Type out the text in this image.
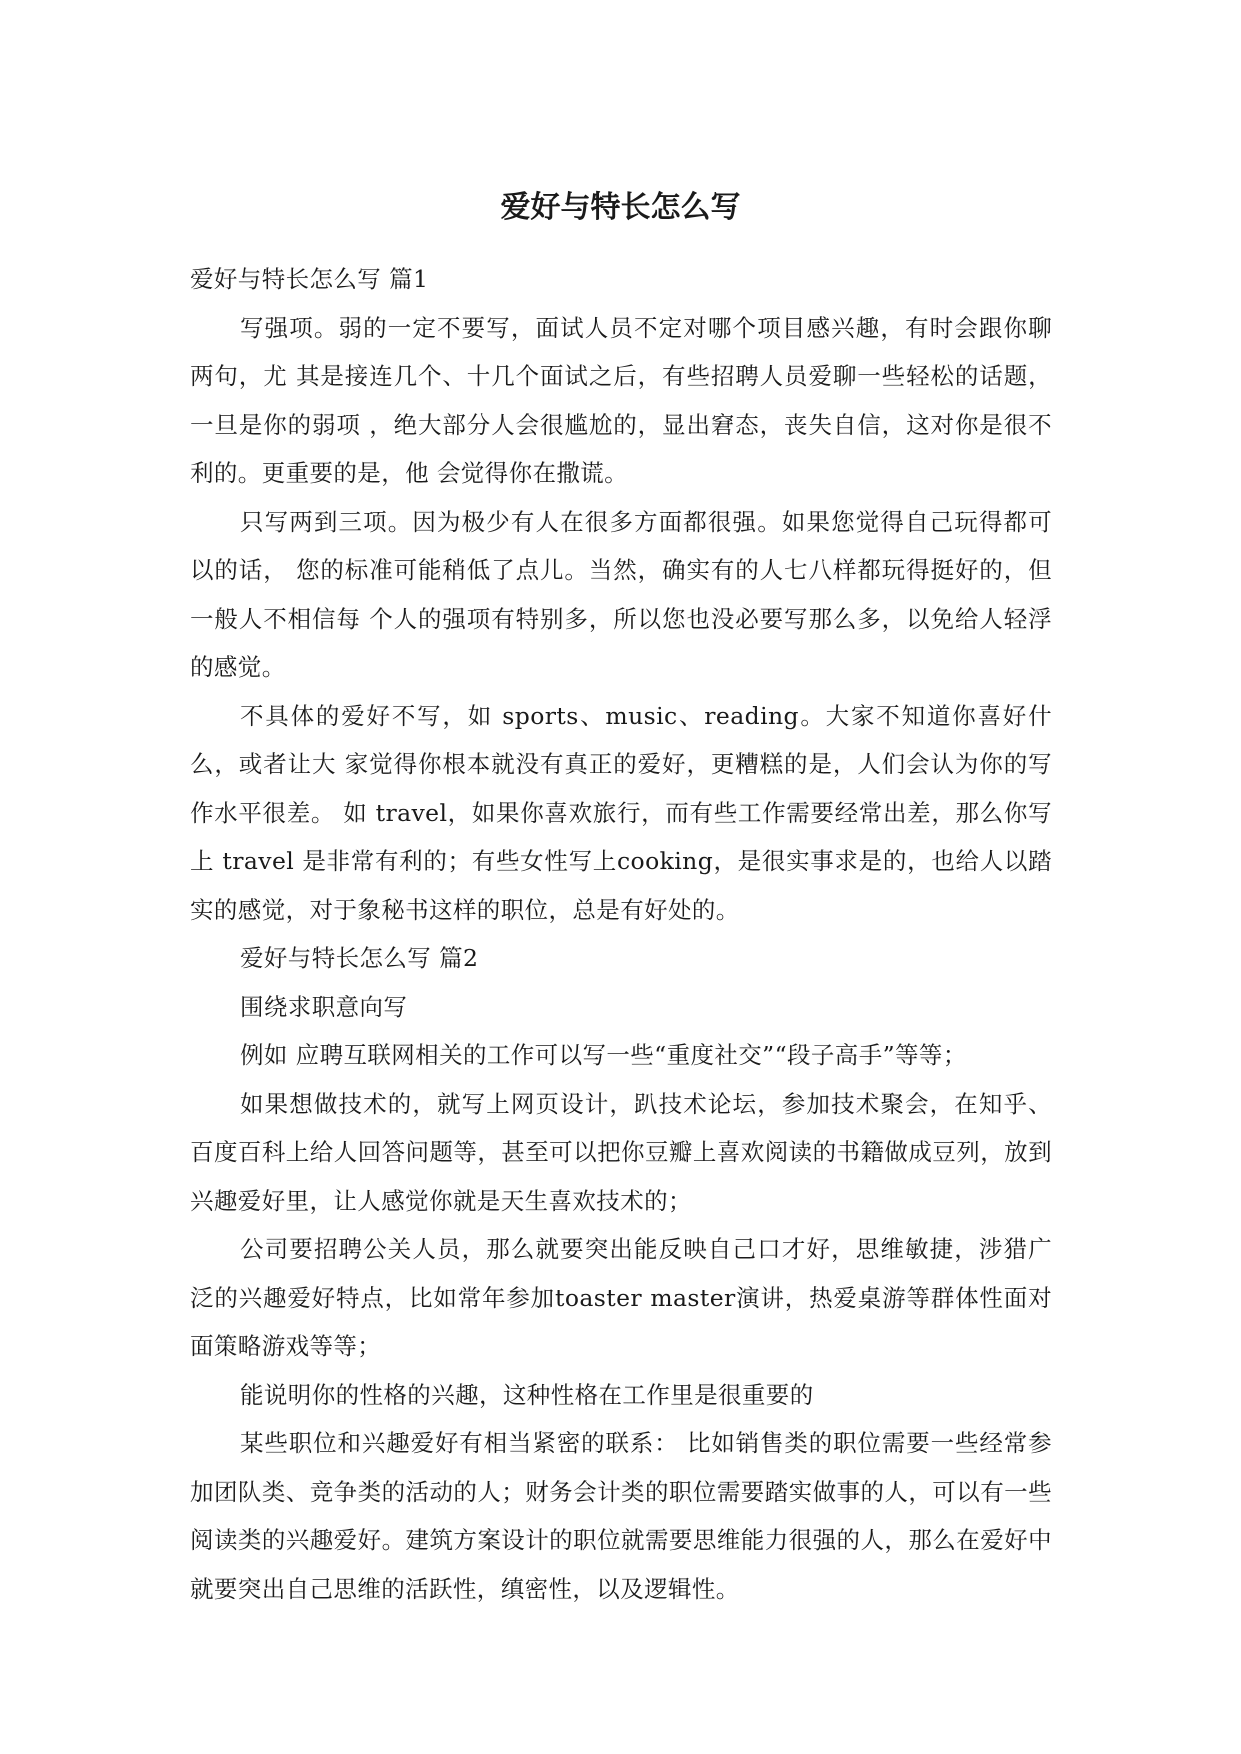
爱好与特长怎么写

爱好与特长怎么写 篇1

写强项。弱的一定不要写，面试人员不定对哪个项目感兴趣，有时会跟你聊两句，尤 其是接连几个、十几个面试之后，有些招聘人员爱聊一些轻松的话题，一旦是你的弱项 ，绝大部分人会很尴尬的，显出窘态，丧失自信，这对你是很不利的。更重要的是，他 会觉得你在撒谎。

只写两到三项。因为极少有人在很多方面都很强。如果您觉得自己玩得都可以的话， 您的标准可能稍低了点儿。当然，确实有的人七八样都玩得挺好的，但一般人不相信每 个人的强项有特别多，所以您也没必要写那么多，以免给人轻浮的感觉。

不具体的爱好不写，如 sports、music、reading。大家不知道你喜好什么，或者让大 家觉得你根本就没有真正的爱好，更糟糕的是，人们会认为你的写作水平很差。 如 travel，如果你喜欢旅行，而有些工作需要经常出差，那么你写上 travel 是非常有利的；有些女性写上cooking，是很实事求是的，也给人以踏实的感觉，对于象秘书这样的职位，总是有好处的。

爱好与特长怎么写 篇2

围绕求职意向写

例如 应聘互联网相关的工作可以写一些“重度社交”“段子高手”等等；

如果想做技术的，就写上网页设计，趴技术论坛，参加技术聚会，在知乎、百度百科上给人回答问题等，甚至可以把你豆瓣上喜欢阅读的书籍做成豆列，放到兴趣爱好里，让人感觉你就是天生喜欢技术的；

公司要招聘公关人员，那么就要突出能反映自己口才好，思维敏捷，涉猎广泛的兴趣爱好特点，比如常年参加toaster master演讲，热爱桌游等群体性面对面策略游戏等等；

能说明你的性格的兴趣，这种性格在工作里是很重要的

某些职位和兴趣爱好有相当紧密的联系： 比如销售类的职位需要一些经常参加团队类、竞争类的活动的人；财务会计类的职位需要踏实做事的人，可以有一些阅读类的兴趣爱好。建筑方案设计的职位就需要思维能力很强的人，那么在爱好中就要突出自己思维的活跃性，缜密性，以及逻辑性。
